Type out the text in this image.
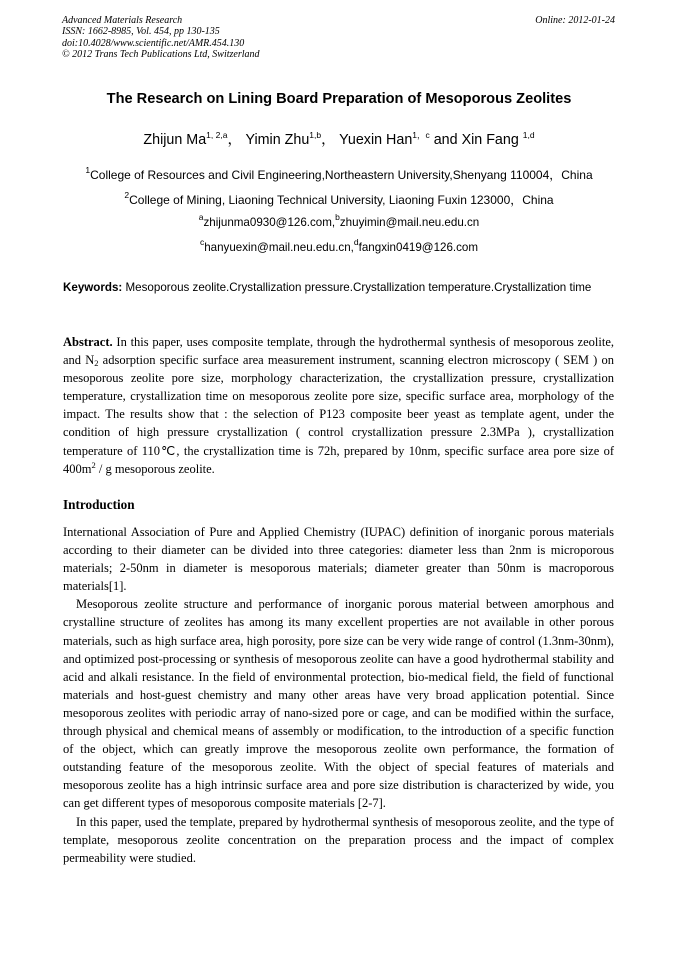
Advanced Materials Research
ISSN: 1662-8985, Vol. 454, pp 130-135
doi:10.4028/www.scientific.net/AMR.454.130
© 2012 Trans Tech Publications Ltd, Switzerland
Online: 2012-01-24
The Research on Lining Board Preparation of Mesoporous Zeolites
Zhijun Ma$^{1, 2,a}$， Yimin Zhu$^{1,b}$， Yuexin Han$^{1,c}$ and Xin Fang $^{1,d}$
$^1$College of Resources and Civil Engineering,Northeastern University,Shenyang 110004，China
$^2$College of Mining, Liaoning Technical University, Liaoning Fuxin 123000，China
$^a$zhijunma0930@126.com,$^b$zhuyimin@mail.neu.edu.cn
$^c$hanyuexin@mail.neu.edu.cn,$^d$fangxin0419@126.com
Keywords: Mesoporous zeolite.Crystallization pressure.Crystallization temperature.Crystallization time

Abstract. In this paper, uses composite template, through the hydrothermal synthesis of mesoporous zeolite, and $N_2$ adsorption specific surface area measurement instrument, scanning electron microscopy ( SEM ) on mesoporous zeolite pore size, morphology characterization, the crystallization pressure, crystallization temperature, crystallization time on mesoporous zeolite pore size, specific surface area, morphology of the impact. The results show that : the selection of P123 composite beer yeast as template agent, under the condition of high pressure crystallization ( control crystallization pressure 2.3MPa ), crystallization temperature of 110℃, the crystallization time is 72h, prepared by 10nm, specific surface area pore size of $400m^2$ / g mesoporous zeolite.

Introduction

International Association of Pure and Applied Chemistry (IUPAC) definition of inorganic porous materials according to their diameter can be divided into three categories: diameter less than 2nm is microporous materials; 2-50nm in diameter is mesoporous materials; diameter greater than 50nm is macroporous materials[1].

Mesoporous zeolite structure and performance of inorganic porous material between amorphous and crystalline structure of zeolites has among its many excellent properties are not available in other porous materials, such as high surface area, high porosity, pore size can be very wide range of control (1.3nm-30nm), and optimized post-processing or synthesis of mesoporous zeolite can have a good hydrothermal stability and acid and alkali resistance. In the field of environmental protection, bio-medical field, the field of functional materials and host-guest chemistry and many other areas have very broad application potential. Since mesoporous zeolites with periodic array of nano-sized pore or cage, and can be modified within the surface, through physical and chemical means of assembly or modification, to the introduction of a specific function of the object, which can greatly improve the mesoporous zeolite own performance, the formation of outstanding feature of the mesoporous zeolite. With the object of special features of materials and mesoporous zeolite has a high intrinsic surface area and pore size distribution is characterized by wide, you can get different types of mesoporous composite materials [2-7].

In this paper, used the template, prepared by hydrothermal synthesis of mesoporous zeolite, and the type of template, mesoporous zeolite concentration on the preparation process and the impact of complex permeability were studied.
